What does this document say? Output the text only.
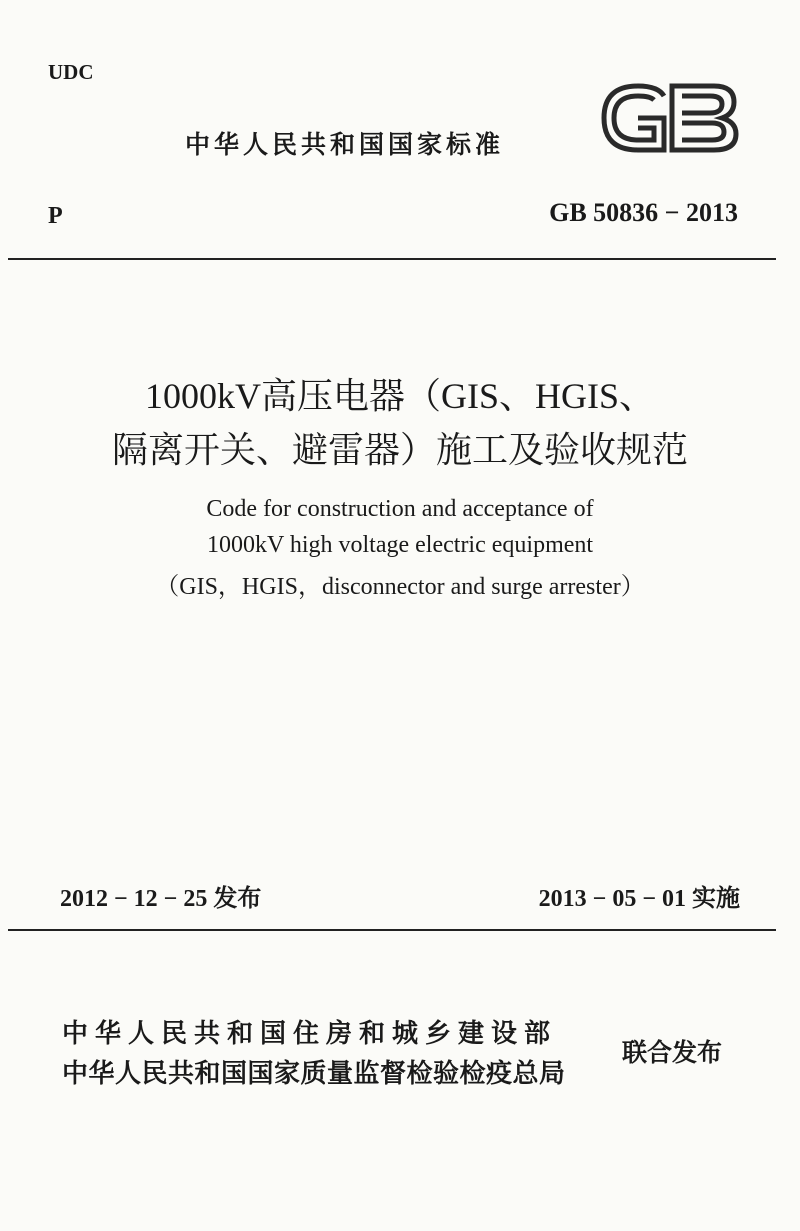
UDC
中华人民共和国国家标准
P	GB 50836 − 2013
1000kV高压电器（GIS、HGIS、
隔离开关、避雷器）施工及验收规范
Code for construction and acceptance of
1000kV high voltage electric equipment
（GIS，HGIS，disconnector and surge arrester）
2012 − 12 − 25 发布	2013 − 05 − 01 实施
中华人民共和国住房和城乡建设部
中华人民共和国国家质量监督检验检疫总局
联合发布
